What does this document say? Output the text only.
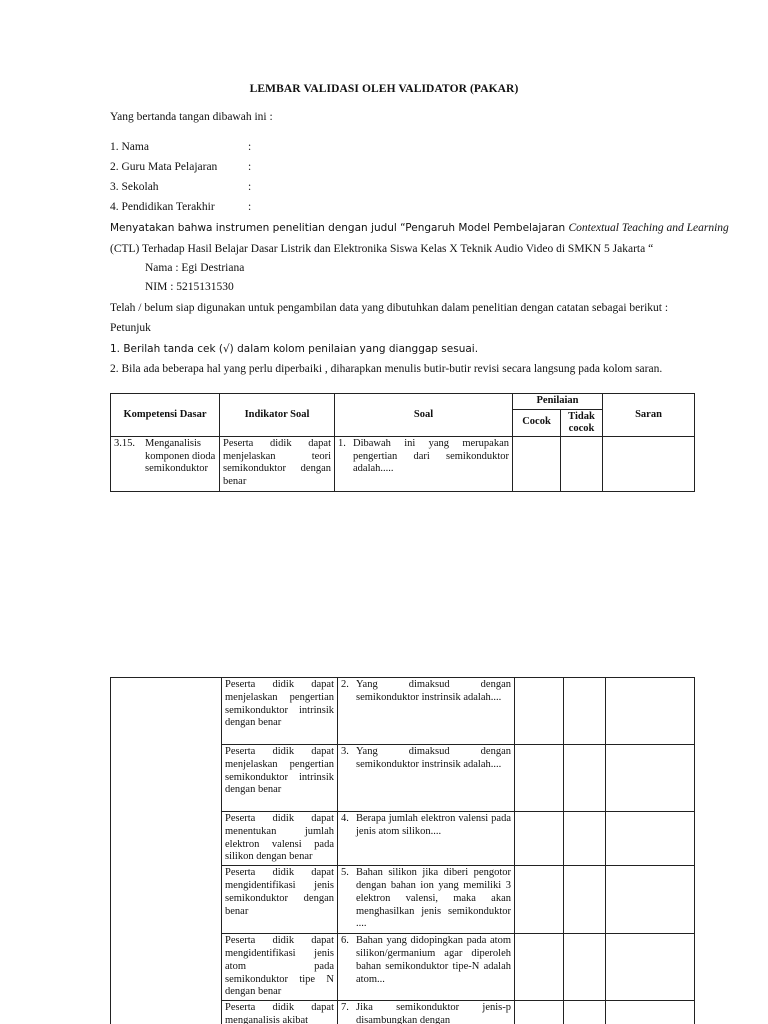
LEMBAR VALIDASI OLEH VALIDATOR (PAKAR)
Yang bertanda tangan dibawah ini :
1. Nama	:
2. Guru Mata Pelajaran	:
3. Sekolah	:
4. Pendidikan Terakhir	:
Menyatakan bahwa instrumen penelitian dengan judul “Pengaruh Model Pembelajaran Contextual Teaching and Learning
(CTL) Terhadap Hasil Belajar Dasar Listrik dan Elektronika Siswa Kelas X Teknik Audio Video di SMKN 5 Jakarta “
Nama : Egi Destriana
NIM : 5215131530
Telah / belum siap digunakan untuk pengambilan data yang dibutuhkan dalam penelitian dengan catatan sebagai berikut :
Petunjuk
1. Berilah tanda cek (√) dalam kolom penilaian yang dianggap sesuai.
2. Bila ada beberapa hal yang perlu diperbaiki , diharapkan menulis butir-butir revisi secara langsung pada kolom saran.
Kompetensi Dasar	Indikator Soal	Soal	Penilaian		Saran
			Cocok	Tidak cocok	

3.15. Menganalisis komponen dioda semikonduktor	Peserta didik dapat menjelaskan teori semikonduktor dengan benar	1. Dibawah ini yang merupakan pengertian dari semikonduktor adalah.....			

	Peserta didik dapat menjelaskan pengertian semikonduktor intrinsik dengan benar	2. Yang dimaksud dengan semikonduktor instrinsik adalah....			

	Peserta didik dapat menjelaskan pengertian semikonduktor intrinsik dengan benar	3. Yang dimaksud dengan semikonduktor instrinsik adalah....			

	Peserta didik dapat menentukan jumlah elektron valensi pada silikon dengan benar	4. Berapa jumlah elektron valensi pada jenis atom silikon....			

	Peserta didik dapat mengidentifikasi jenis semikonduktor dengan benar	5. Bahan silikon jika diberi pengotor dengan bahan ion yang memiliki 3 elektron valensi, maka akan menghasilkan jenis semikonduktor ....			

	Peserta didik dapat mengidentifikasi jenis atom pada semikonduktor tipe N dengan benar	6. Bahan yang didopingkan pada atom silikon/germanium agar diperoleh bahan semikonduktor tipe-N adalah atom...			

	Peserta didik dapat menganalisis akibat	7. Jika semikonduktor jenis-p disambungkan dengan			
